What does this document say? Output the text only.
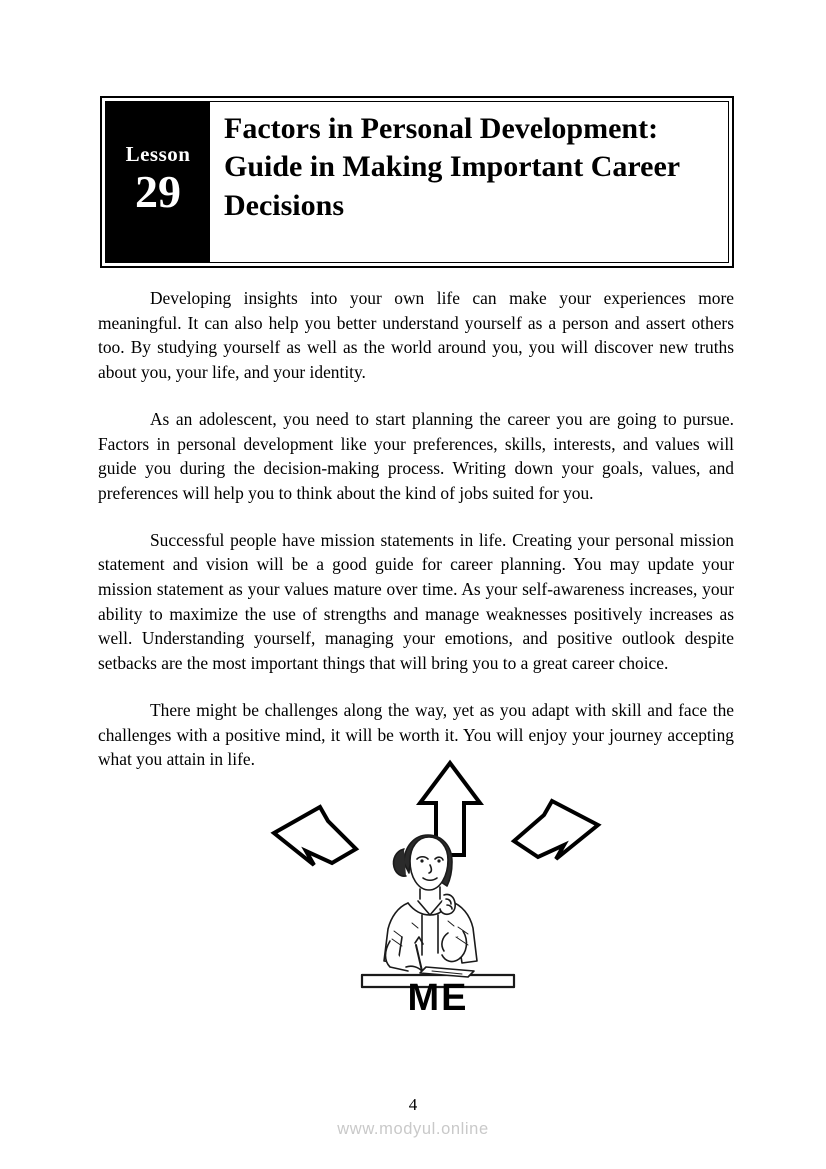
Lesson
29
Factors in Personal Development: Guide in Making Important Career Decisions

Developing insights into your own life can make your experiences more meaningful. It can also help you better understand yourself as a person and assert others too. By studying yourself as well as the world around you, you will discover new truths about you, your life, and your identity.

As an adolescent, you need to start planning the career you are going to pursue. Factors in personal development like your preferences, skills, interests, and values will guide you during the decision-making process. Writing down your goals, values, and preferences will help you to think about the kind of jobs suited for you.

Successful people have mission statements in life. Creating your personal mission statement and vision will be a good guide for career planning. You may update your mission statement as your values mature over time. As your self-awareness increases, your ability to maximize the use of strengths and manage weaknesses positively increases as well. Understanding yourself, managing your emotions, and positive outlook despite setbacks are the most important things that will bring you to a great career choice.

There might be challenges along the way, yet as you adapt with skill and face the challenges with a positive mind, it will be worth it. You will enjoy your journey accepting what you attain in life.

ME
4
www.modyul.online
